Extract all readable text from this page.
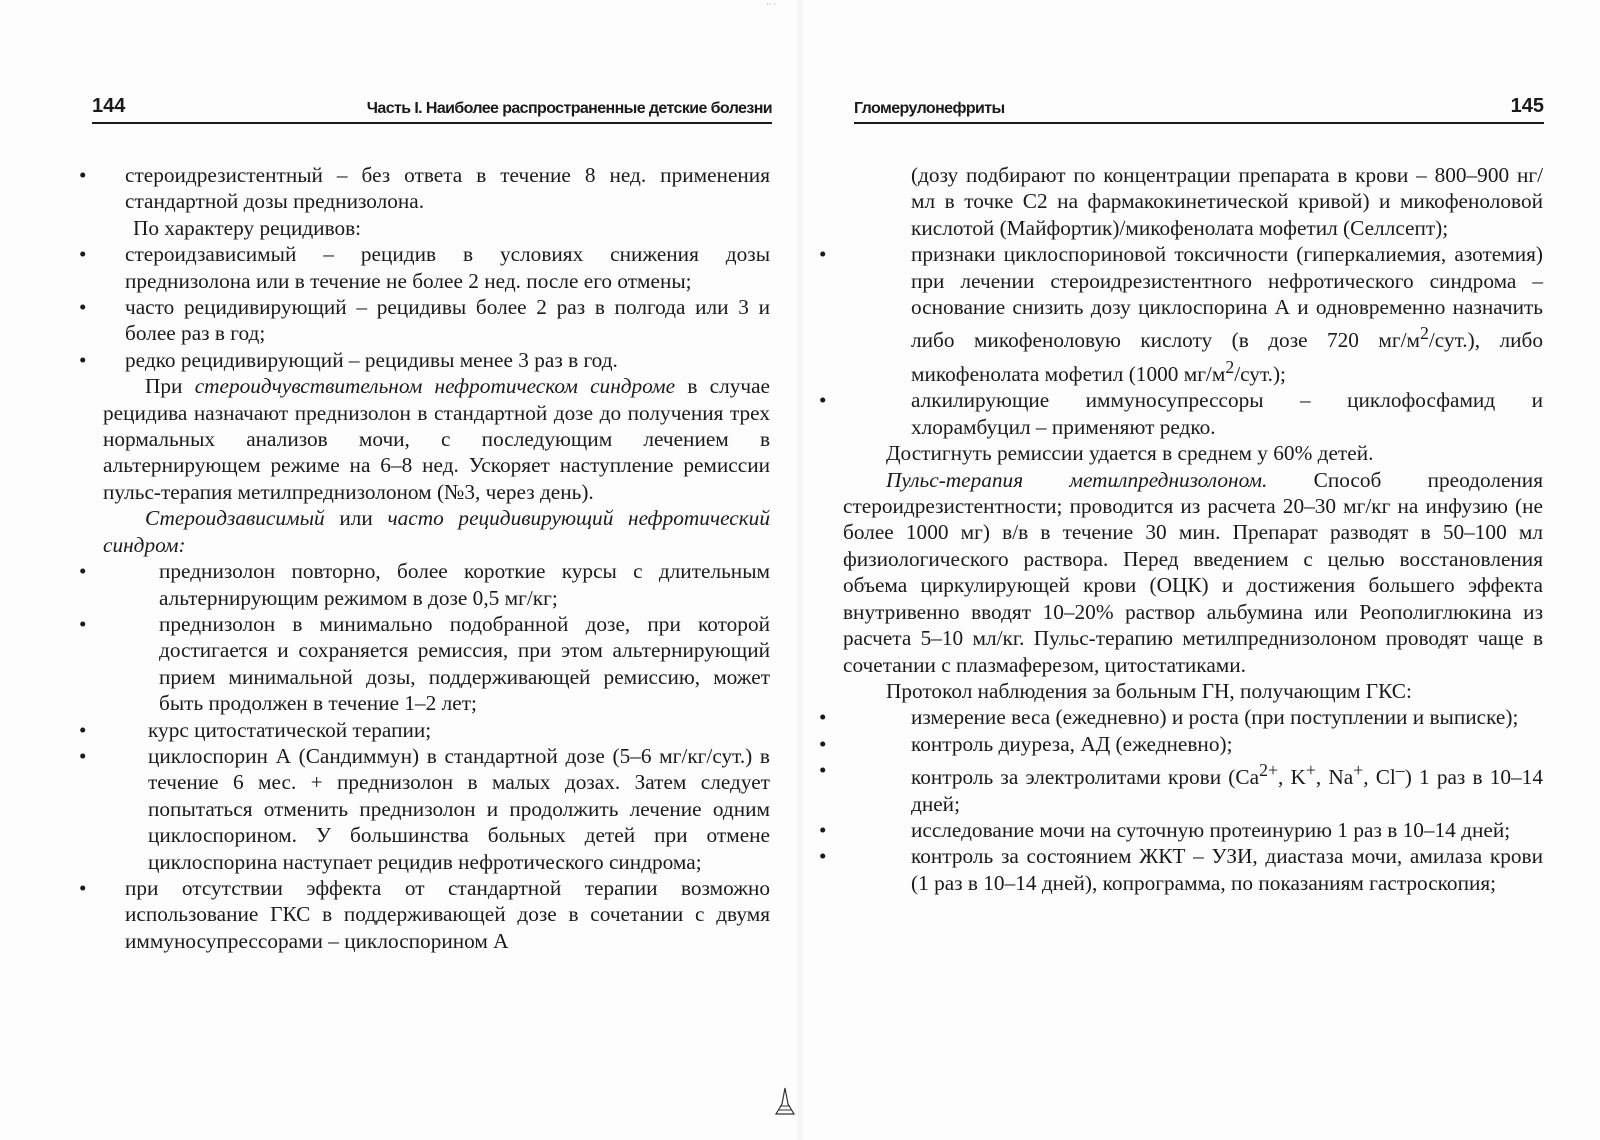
·· ·
144	Часть I. Наиболее распространенные детские болезни

• стероидрезистентный – без ответа в течение 8 нед. применения стандартной дозы преднизолона.

По характеру рецидивов:

• стероидзависимый – рецидив в условиях снижения дозы преднизолона или в течение не более 2 нед. после его отмены;

• часто рецидивирующий – рецидивы более 2 раз в полгода или 3 и более раз в год;

• редко рецидивирующий – рецидивы менее 3 раз в год.

При стероидчувствительном нефротическом синдроме в случае рецидива назначают преднизолон в стандартной дозе до получения трех нормальных анализов мочи, с последующим лечением в альтернирующем режиме на 6–8 нед. Ускоряет наступление ремиссии пульс-терапия метилпреднизолоном (№3, через день).

Стероидзависимый или часто рецидивирующий нефротический синдром:

• преднизолон повторно, более короткие курсы с длительным альтернирующим режимом в дозе 0,5 мг/кг;

• преднизолон в минимально подобранной дозе, при которой достигается и сохраняется ремиссия, при этом альтернирующий прием минимальной дозы, поддерживающей ремиссию, может быть продолжен в течение 1–2 лет;

• курс цитостатической терапии;

• циклоспорин А (Сандиммун) в стандартной дозе (5–6 мг/кг/сут.) в течение 6 мес. + преднизолон в малых дозах. Затем следует попытаться отменить преднизолон и продолжить лечение одним циклоспорином. У большинства больных детей при отмене циклоспорина наступает рецидив нефротического синдрома;

• при отсутствии эффекта от стандартной терапии возможно использование ГКС в поддерживающей дозе в сочетании с двумя иммуносупрессорами – циклоспорином А

Гломерулонефриты	145

(дозу подбирают по концентрации препарата в крови – 800–900 нг/мл в точке С2 на фармакокинетической кривой) и микофеноловой кислотой (Майфортик)/микофенолата мофетил (Селлсепт);

• признаки циклоспориновой токсичности (гиперкалиемия, азотемия) при лечении стероидрезистентного нефротического синдрома – основание снизить дозу циклоспорина А и одновременно назначить либо микофеноловую кислоту (в дозе 720 $мг/м^2/сут$.), либо микофенолата мофетил (1000 $мг/м^2/сут$.);

• алкилирующие иммуносупрессоры – циклофосфамид и хлорамбуцил – применяют редко.

Достигнуть ремиссии удается в среднем у 60% детей.

Пульс-терапия метилпреднизолоном. Способ преодоления стероидрезистентности; проводится из расчета 20–30 мг/кг на инфузию (не более 1000 мг) в/в в течение 30 мин. Препарат разводят в 50–100 мл физиологического раствора. Перед введением с целью восстановления объема циркулирующей крови (ОЦК) и достижения большего эффекта внутривенно вводят 10–20% раствор альбумина или Реополиглюкина из расчета 5–10 мл/кг. Пульс-терапию метилпреднизолоном проводят чаще в сочетании с плазмаферезом, цитостатиками.

Протокол наблюдения за больным ГН, получающим ГКС:

• измерение веса (ежедневно) и роста (при поступлении и выписке);

• контроль диуреза, АД (ежедневно);

• контроль за электролитами крови ($Ca^{2+}$, K+, Na+, Cl–) 1 раз в 10–14 дней;

• исследование мочи на суточную протеинурию 1 раз в 10–14 дней;

• контроль за состоянием ЖКТ – УЗИ, диастаза мочи, амилаза крови (1 раз в 10–14 дней), копрограмма, по показаниям гастроскопия;
